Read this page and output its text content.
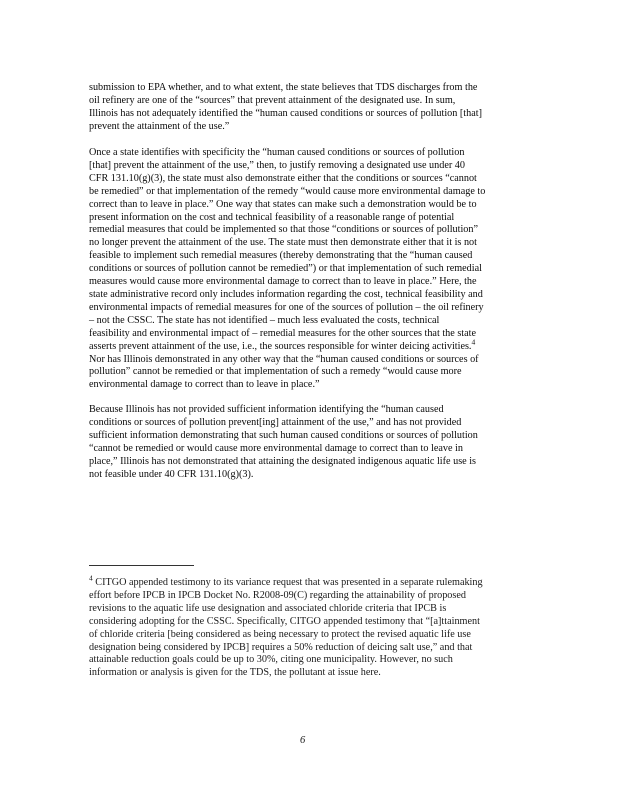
submission to EPA whether, and to what extent, the state believes that TDS discharges from the
oil refinery are one of the “sources” that prevent attainment of the designated use. In sum,
Illinois has not adequately identified the “human caused conditions or sources of pollution [that]
prevent the attainment of the use.”
Once a state identifies with specificity the “human caused conditions or sources of pollution
[that] prevent the attainment of the use,” then, to justify removing a designated use under 40
CFR 131.10(g)(3), the state must also demonstrate either that the conditions or sources “cannot
be remedied” or that implementation of the remedy “would cause more environmental damage to
correct than to leave in place.” One way that states can make such a demonstration would be to
present information on the cost and technical feasibility of a reasonable range of potential
remedial measures that could be implemented so that those “conditions or sources of pollution”
no longer prevent the attainment of the use. The state must then demonstrate either that it is not
feasible to implement such remedial measures (thereby demonstrating that the “human caused
conditions or sources of pollution cannot be remedied”) or that implementation of such remedial
measures would cause more environmental damage to correct than to leave in place.” Here, the
state administrative record only includes information regarding the cost, technical feasibility and
environmental impacts of remedial measures for one of the sources of pollution – the oil refinery
– not the CSSC. The state has not identified – much less evaluated the costs, technical
feasibility and environmental impact of – remedial measures for the other sources that the state
asserts prevent attainment of the use, i.e., the sources responsible for winter deicing activities.$^4$
Nor has Illinois demonstrated in any other way that the “human caused conditions or sources of
pollution” cannot be remedied or that implementation of such a remedy “would cause more
environmental damage to correct than to leave in place.”
Because Illinois has not provided sufficient information identifying the “human caused
conditions or sources of pollution prevent[ing] attainment of the use,” and has not provided
sufficient information demonstrating that such human caused conditions or sources of pollution
“cannot be remedied or would cause more environmental damage to correct than to leave in
place,” Illinois has not demonstrated that attaining the designated indigenous aquatic life use is
not feasible under 40 CFR 131.10(g)(3).
$^4$ CITGO appended testimony to its variance request that was presented in a separate rulemaking
effort before IPCB in IPCB Docket No. R2008-09(C) regarding the attainability of proposed
revisions to the aquatic life use designation and associated chloride criteria that IPCB is
considering adopting for the CSSC. Specifically, CITGO appended testimony that “[a]ttainment
of chloride criteria [being considered as being necessary to protect the revised aquatic life use
designation being considered by IPCB] requires a 50% reduction of deicing salt use,” and that
attainable reduction goals could be up to 30%, citing one municipality. However, no such
information or analysis is given for the TDS, the pollutant at issue here.
6
